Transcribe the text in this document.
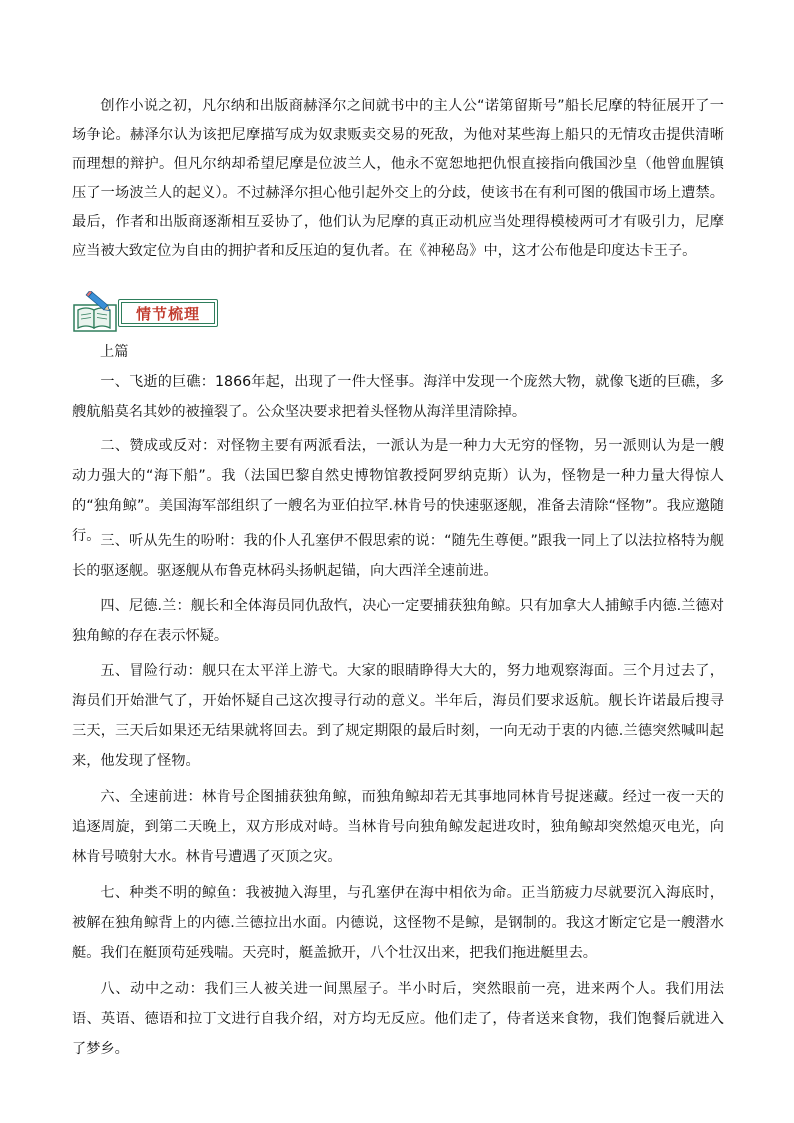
创作小说之初，凡尔纳和出版商赫泽尔之间就书中的主人公“诺第留斯号”船长尼摩的特征展开了一场争论。赫泽尔认为该把尼摩描写成为奴隶贩卖交易的死敌，为他对某些海上船只的无情攻击提供清晰而理想的辩护。但凡尔纳却希望尼摩是位波兰人，他永不宽恕地把仇恨直接指向俄国沙皇（他曾血腥镇压了一场波兰人的起义）。不过赫泽尔担心他引起外交上的分歧，使该书在有利可图的俄国市场上遭禁。最后，作者和出版商逐渐相互妥协了，他们认为尼摩的真正动机应当处理得模棱两可才有吸引力，尼摩应当被大致定位为自由的拥护者和反压迫的复仇者。在《神秘岛》中，这才公布他是印度达卡王子。

情节梳理

上篇

一、飞逝的巨礁：1866年起，出现了一件大怪事。海洋中发现一个庞然大物，就像飞逝的巨礁，多艘航船莫名其妙的被撞裂了。公众坚决要求把着头怪物从海洋里清除掉。

二、赞成或反对：对怪物主要有两派看法，一派认为是一种力大无穷的怪物，另一派则认为是一艘动力强大的“海下船”。我（法国巴黎自然史博物馆教授阿罗纳克斯）认为，怪物是一种力量大得惊人的“独角鲸”。美国海军部组织了一艘名为亚伯拉罕.林肯号的快速驱逐舰，准备去清除“怪物”。我应邀随行。 三、听从先生的吩咐：我的仆人孔塞伊不假思索的说：“随先生尊便。”跟我一同上了以法拉格特为舰长的驱逐舰。驱逐舰从布鲁克林码头扬帆起锚，向大西洋全速前进。

四、尼德.兰：舰长和全体海员同仇敌忾，决心一定要捕获独角鲸。只有加拿大人捕鲸手内德.兰德对独角鲸的存在表示怀疑。

五、冒险行动：舰只在太平洋上游弋。大家的眼睛睁得大大的，努力地观察海面。三个月过去了，海员们开始泄气了，开始怀疑自己这次搜寻行动的意义。半年后，海员们要求返航。舰长许诺最后搜寻三天，三天后如果还无结果就将回去。到了规定期限的最后时刻，一向无动于衷的内德.兰德突然喊叫起来，他发现了怪物。

六、全速前进：林肯号企图捕获独角鲸，而独角鲸却若无其事地同林肯号捉迷藏。经过一夜一天的追逐周旋，到第二天晚上，双方形成对峙。当林肯号向独角鲸发起进攻时，独角鲸却突然熄灭电光，向林肯号喷射大水。林肯号遭遇了灭顶之灾。

七、种类不明的鲸鱼：我被抛入海里，与孔塞伊在海中相依为命。正当筋疲力尽就要沉入海底时，被解在独角鲸背上的内德.兰德拉出水面。内德说，这怪物不是鲸，是钢制的。我这才断定它是一艘潜水艇。我们在艇顶苟延残喘。天亮时，艇盖掀开，八个壮汉出来，把我们拖进艇里去。

八、动中之动：我们三人被关进一间黑屋子。半小时后，突然眼前一亮，进来两个人。我们用法语、英语、德语和拉丁文进行自我介绍，对方均无反应。他们走了，侍者送来食物，我们饱餐后就进入了梦乡。
